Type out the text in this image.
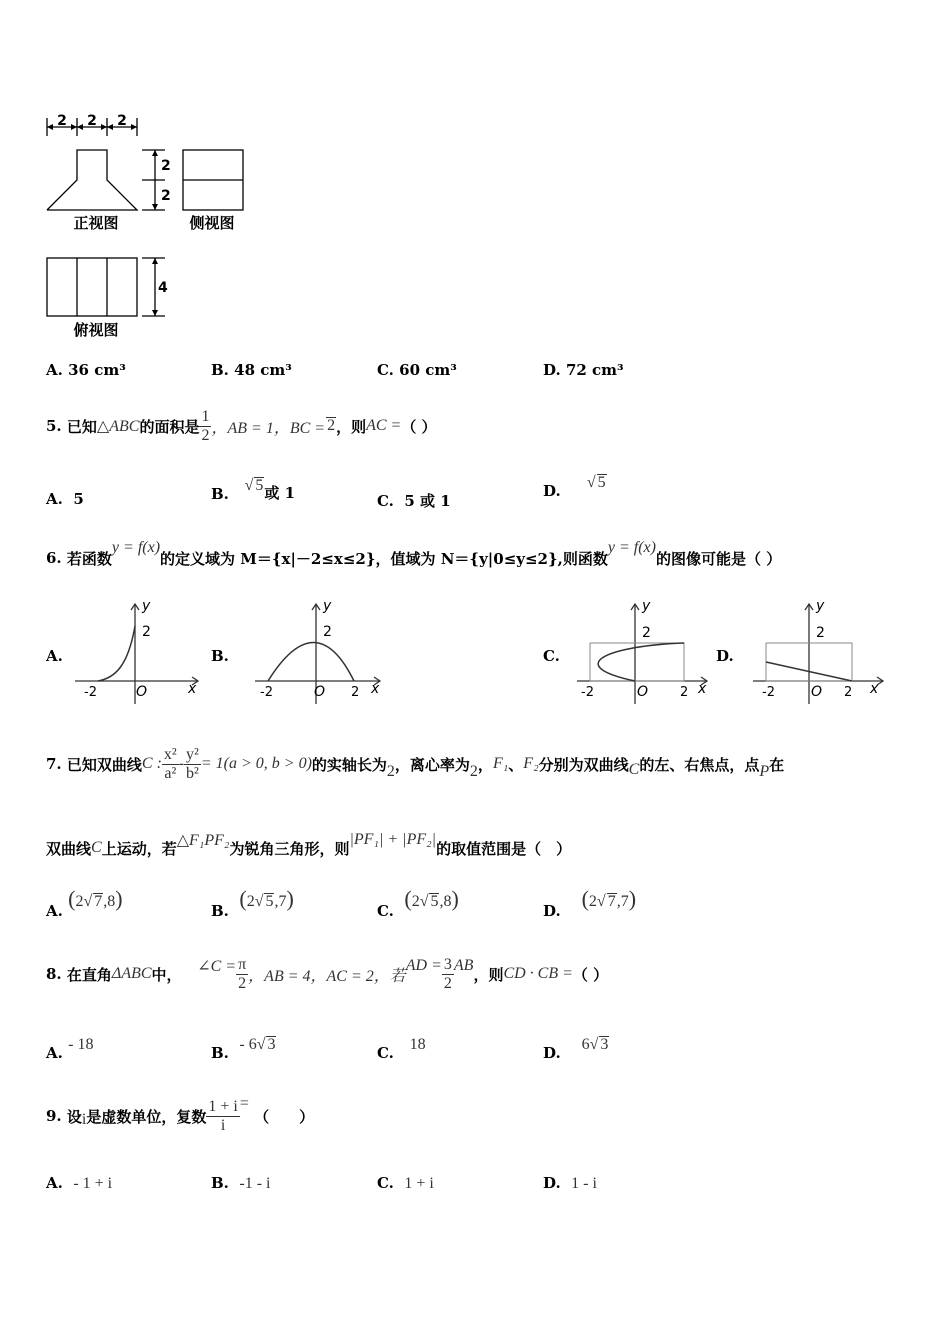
2 2 2
2
2
4
正视图	侧视图
俯视图
A. 36 cm³	B. 48 cm³	C. 60 cm³	D. 72 cm³
5.
已知 △ABC 的面积是 $\frac{1}{2}$ ，AB = 1，BC = 2 ，则 AC = （ ）
A. 5	B.
√ 5 或 1	C. 5 或 1
D.
√ 5
6.
若函数
y = f(x)
的定义域为 M＝{x|－2≤x≤2}，值域为 N＝{y|0≤y≤2},则函数
y = f(x)
的图像可能是（ ）
A.
y
2
-2	O	x
B.
y
2
-2	O 2 x
C.
y
2
-2	O 2 x
D.
y
2
-2	O 2 x
7.
已知双曲线 C : $\frac{\text{x²}}{\text{a²}} - \frac{\text{y²}}{\text{b²}} = 1(a > 0$, b > 0) 的实轴长为 2 ，离心率为 2 ， F₁ 、 F₂ 分别为双曲线 C 的左、右焦点，点 P 在
双曲线 C 上运动，若 △F₁PF₂ 为锐角三角形，则 |PF₁| + |PF₂| 的取值范围是（　）
A.
(2√ 7,8)	B.
(2√ 5,7)	C.
(2√ 5,8)	D.
(2√ 7,7)
8.
在直角 ΔABC 中，
∠C = $\frac{\pi}{2}$ ，AB = 4，AC = 2，若
AD = $\frac{3}{2}$ AB ，则 CD · CB = （ ）
A.
- 18	B.
- 6√ 3	C.
18	D.
6√ 3
9.
设 i 是虚数单位，复数 $\frac{1 + i}{i}$ =

（　　）
A. - 1 + i	B. -1 - i	C. 1 + i	D. 1 - i
